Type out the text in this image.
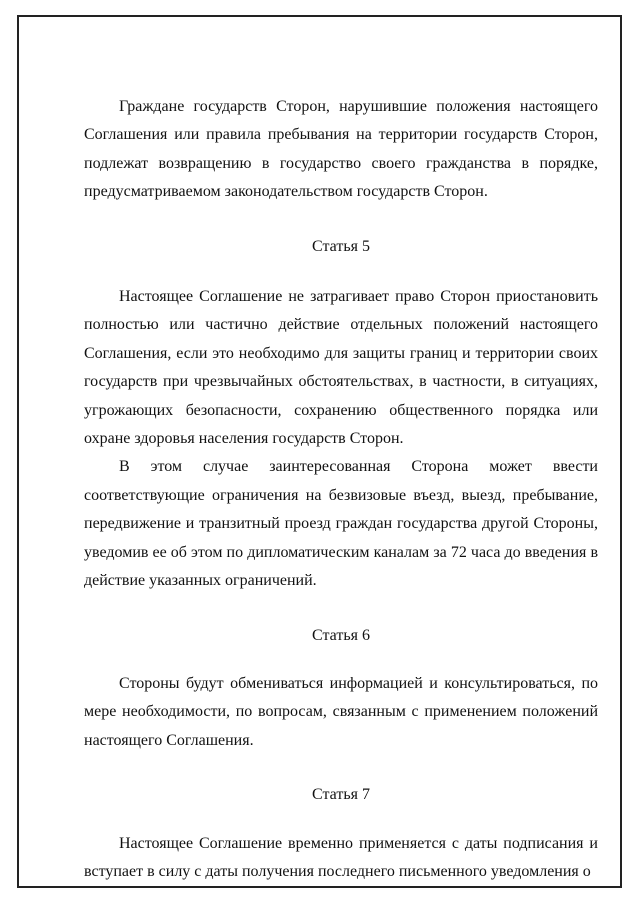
Граждане государств Сторон, нарушившие положения настоящего Соглашения или правила пребывания на территории государств Сторон, подлежат возвращению в государство своего гражданства в порядке, предусматриваемом законодательством государств Сторон.

Статья 5

Настоящее Соглашение не затрагивает право Сторон приостановить полностью или частично действие отдельных положений настоящего Соглашения, если это необходимо для защиты границ и территории своих государств при чрезвычайных обстоятельствах, в частности, в ситуациях, угрожающих безопасности, сохранению общественного порядка или охране здоровья населения государств Сторон.

В этом случае заинтересованная Сторона может ввести соответствующие ограничения на безвизовые въезд, выезд, пребывание, передвижение и транзитный проезд граждан государства другой Стороны, уведомив ее об этом по дипломатическим каналам за 72 часа до введения в действие указанных ограничений.

Статья 6

Стороны будут обмениваться информацией и консультироваться, по мере необходимости, по вопросам, связанным с применением положений настоящего Соглашения.

Статья 7

Настоящее Соглашение временно применяется с даты подписания и вступает в силу с даты получения последнего письменного уведомления о
